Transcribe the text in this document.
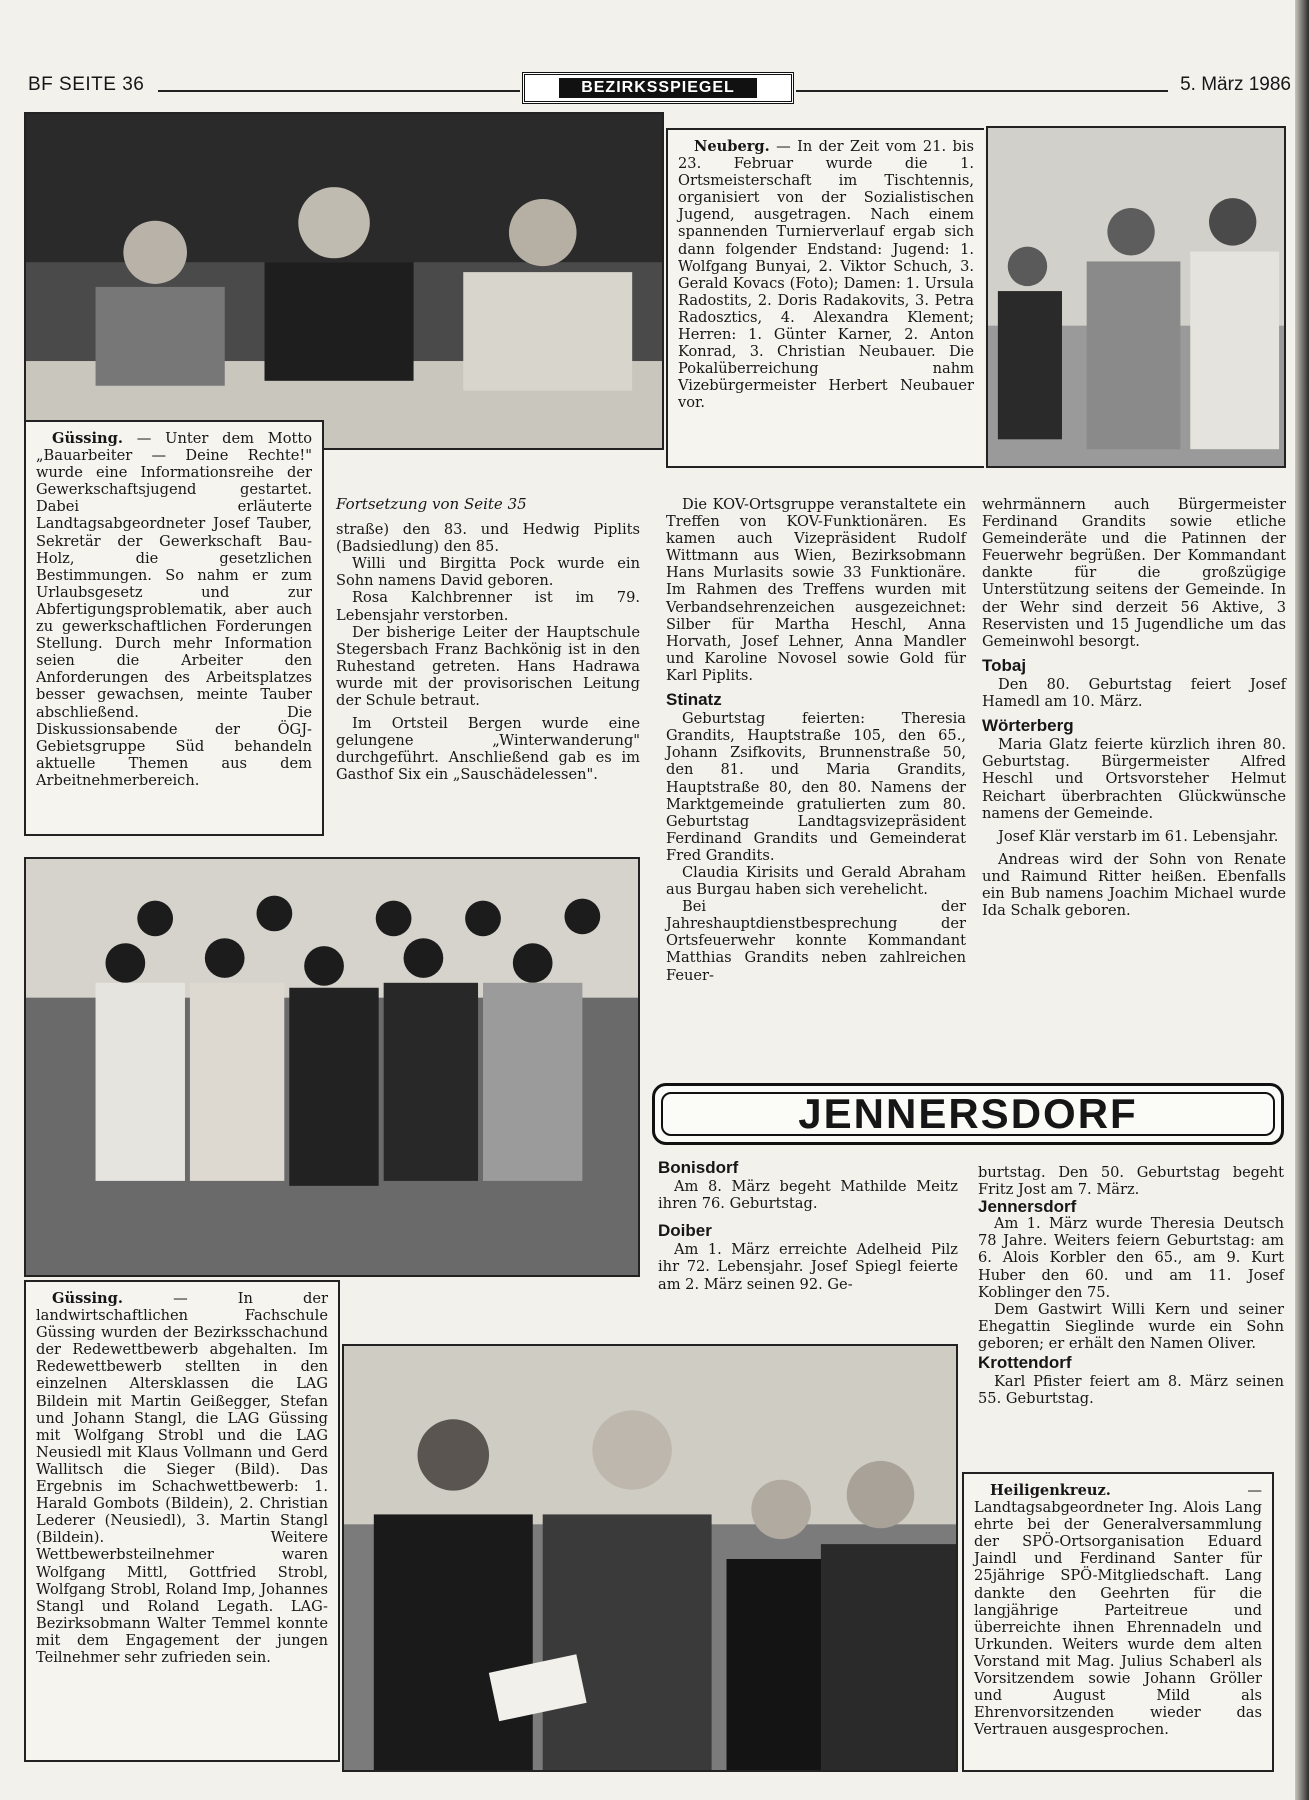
BF SEITE 36	BEZIRKSSPIEGEL	5. März 1986

Güssing. — Unter dem Motto „Bauarbeiter — Deine Rechte!" wurde eine Informationsreihe der Gewerkschaftsjugend gestartet. Dabei erläuterte Landtagsabgeordneter Josef Tauber, Sekretär der Gewerkschaft Bau-Holz, die gesetzlichen Bestimmungen. So nahm er zum Urlaubsgesetz und zur Abfertigungsproblematik, aber auch zu gewerkschaftlichen Forderungen Stellung. Durch mehr Information seien die Arbeiter den Anforderungen des Arbeitsplatzes besser gewachsen, meinte Tauber abschließend. Die Diskussionsabende der ÖGJ-Gebietsgruppe Süd behandeln aktuelle Themen aus dem Arbeitnehmerbereich.

Neuberg. — In der Zeit vom 21. bis 23. Februar wurde die 1. Ortsmeisterschaft im Tischtennis, organisiert von der Sozialistischen Jugend, ausgetragen. Nach einem spannenden Turnierverlauf ergab sich dann folgender Endstand: Jugend: 1. Wolfgang Bunyai, 2. Viktor Schuch, 3. Gerald Kovacs (Foto); Damen: 1. Ursula Radostits, 2. Doris Radakovits, 3. Petra Radosztics, 4. Alexandra Klement; Herren: 1. Günter Karner, 2. Anton Konrad, 3. Christian Neubauer. Die Pokalüberreichung nahm Vizebürgermeister Herbert Neubauer vor.

Fortsetzung von Seite 35

straße) den 83. und Hedwig Piplits (Badsiedlung) den 85.

Willi und Birgitta Pock wurde ein Sohn namens David geboren.

Rosa Kalchbrenner ist im 79. Lebensjahr verstorben.

Der bisherige Leiter der Hauptschule Stegersbach Franz Bachkönig ist in den Ruhestand getreten. Hans Hadrawa wurde mit der provisorischen Leitung der Schule betraut.

Im Ortsteil Bergen wurde eine gelungene „Winterwanderung" durchgeführt. Anschließend gab es im Gasthof Six ein „Sauschädelessen".

Die KOV-Ortsgruppe veranstaltete ein Treffen von KOV-Funktionären. Es kamen auch Vizepräsident Rudolf Wittmann aus Wien, Bezirksobmann Hans Murlasits sowie 33 Funktionäre. Im Rahmen des Treffens wurden mit Verbandsehrenzeichen ausgezeichnet: Silber für Martha Heschl, Anna Horvath, Josef Lehner, Anna Mandler und Karoline Novosel sowie Gold für Karl Piplits.

Stinatz

Geburtstag feierten: Theresia Grandits, Hauptstraße 105, den 65., Johann Zsifkovits, Brunnenstraße 50, den 81. und Maria Grandits, Hauptstraße 80, den 80. Namens der Marktgemeinde gratulierten zum 80. Geburtstag Landtagsvizepräsident Ferdinand Grandits und Gemeinderat Fred Grandits.

Claudia Kirisits und Gerald Abraham aus Burgau haben sich verehelicht.

Bei der Jahreshauptdienstbesprechung der Ortsfeuerwehr konnte Kommandant Matthias Grandits neben zahlreichen Feuer-

wehrmännern auch Bürgermeister Ferdinand Grandits sowie etliche Gemeinderäte und die Patinnen der Feuerwehr begrüßen. Der Kommandant dankte für die großzügige Unterstützung seitens der Gemeinde. In der Wehr sind derzeit 56 Aktive, 3 Reservisten und 15 Jugendliche um das Gemeinwohl besorgt.

Tobaj

Den 80. Geburtstag feiert Josef Hamedl am 10. März.

Wörterberg

Maria Glatz feierte kürzlich ihren 80. Geburtstag. Bürgermeister Alfred Heschl und Ortsvorsteher Helmut Reichart überbrachten Glückwünsche namens der Gemeinde.

Josef Klär verstarb im 61. Lebensjahr.

Andreas wird der Sohn von Renate und Raimund Ritter heißen. Ebenfalls ein Bub namens Joachim Michael wurde Ida Schalk geboren.

Güssing.	— In der landwirtschaftlichen Fachschule Güssing wurden der Bezirksschachund der Redewettbewerb abgehalten. Im Redewettbewerb stellten in den einzelnen Altersklassen die LAG Bildein mit Martin Geißegger, Stefan und Johann Stangl, die LAG Güssing mit Wolfgang Strobl und die LAG Neusiedl mit Klaus Vollmann und Gerd Wallitsch die Sieger (Bild). Das Ergebnis im Schachwettbewerb: 1. Harald Gombots (Bildein), 2. Christian Lederer (Neusiedl), 3. Martin Stangl (Bildein). Weitere Wettbewerbsteilnehmer waren Wolfgang Mittl, Gottfried Strobl, Wolfgang Strobl, Roland Imp, Johannes Stangl und Roland Legath. LAG-Bezirksobmann Walter Temmel konnte mit dem Engagement der jungen Teilnehmer sehr zufrieden sein.

JENNERSDORF
Bonisdorf

Am 8. März begeht Mathilde Meitz ihren 76. Geburtstag.

Doiber

Am 1. März erreichte Adelheid Pilz ihr 72. Lebensjahr. Josef Spiegl feierte am 2. März seinen 92. Ge-

burtstag. Den 50. Geburtstag begeht Fritz Jost am 7. März.

Jennersdorf

Am 1. März wurde Theresia Deutsch 78 Jahre. Weiters feiern Geburtstag: am 6. Alois Korbler den 65., am 9. Kurt Huber den 60. und am 11. Josef Koblinger den 75.

Dem Gastwirt Willi Kern und seiner Ehegattin Sieglinde wurde ein Sohn geboren; er erhält den Namen Oliver.

Krottendorf

Karl Pfister feiert am 8. März seinen 55. Geburtstag.

Heiligenkreuz.	— Landtagsabgeordneter Ing. Alois Lang ehrte bei der Generalversammlung der SPÖ-Ortsorganisation Eduard Jaindl und Ferdinand Santer für 25jährige SPÖ-Mitgliedschaft. Lang dankte den Geehrten für die langjährige Parteitreue und überreichte ihnen Ehrennadeln und Urkunden. Weiters wurde dem alten Vorstand mit Mag. Julius Schaberl als Vorsitzendem sowie Johann Gröller und August Mild als Ehrenvorsitzenden wieder das Vertrauen ausgesprochen.
